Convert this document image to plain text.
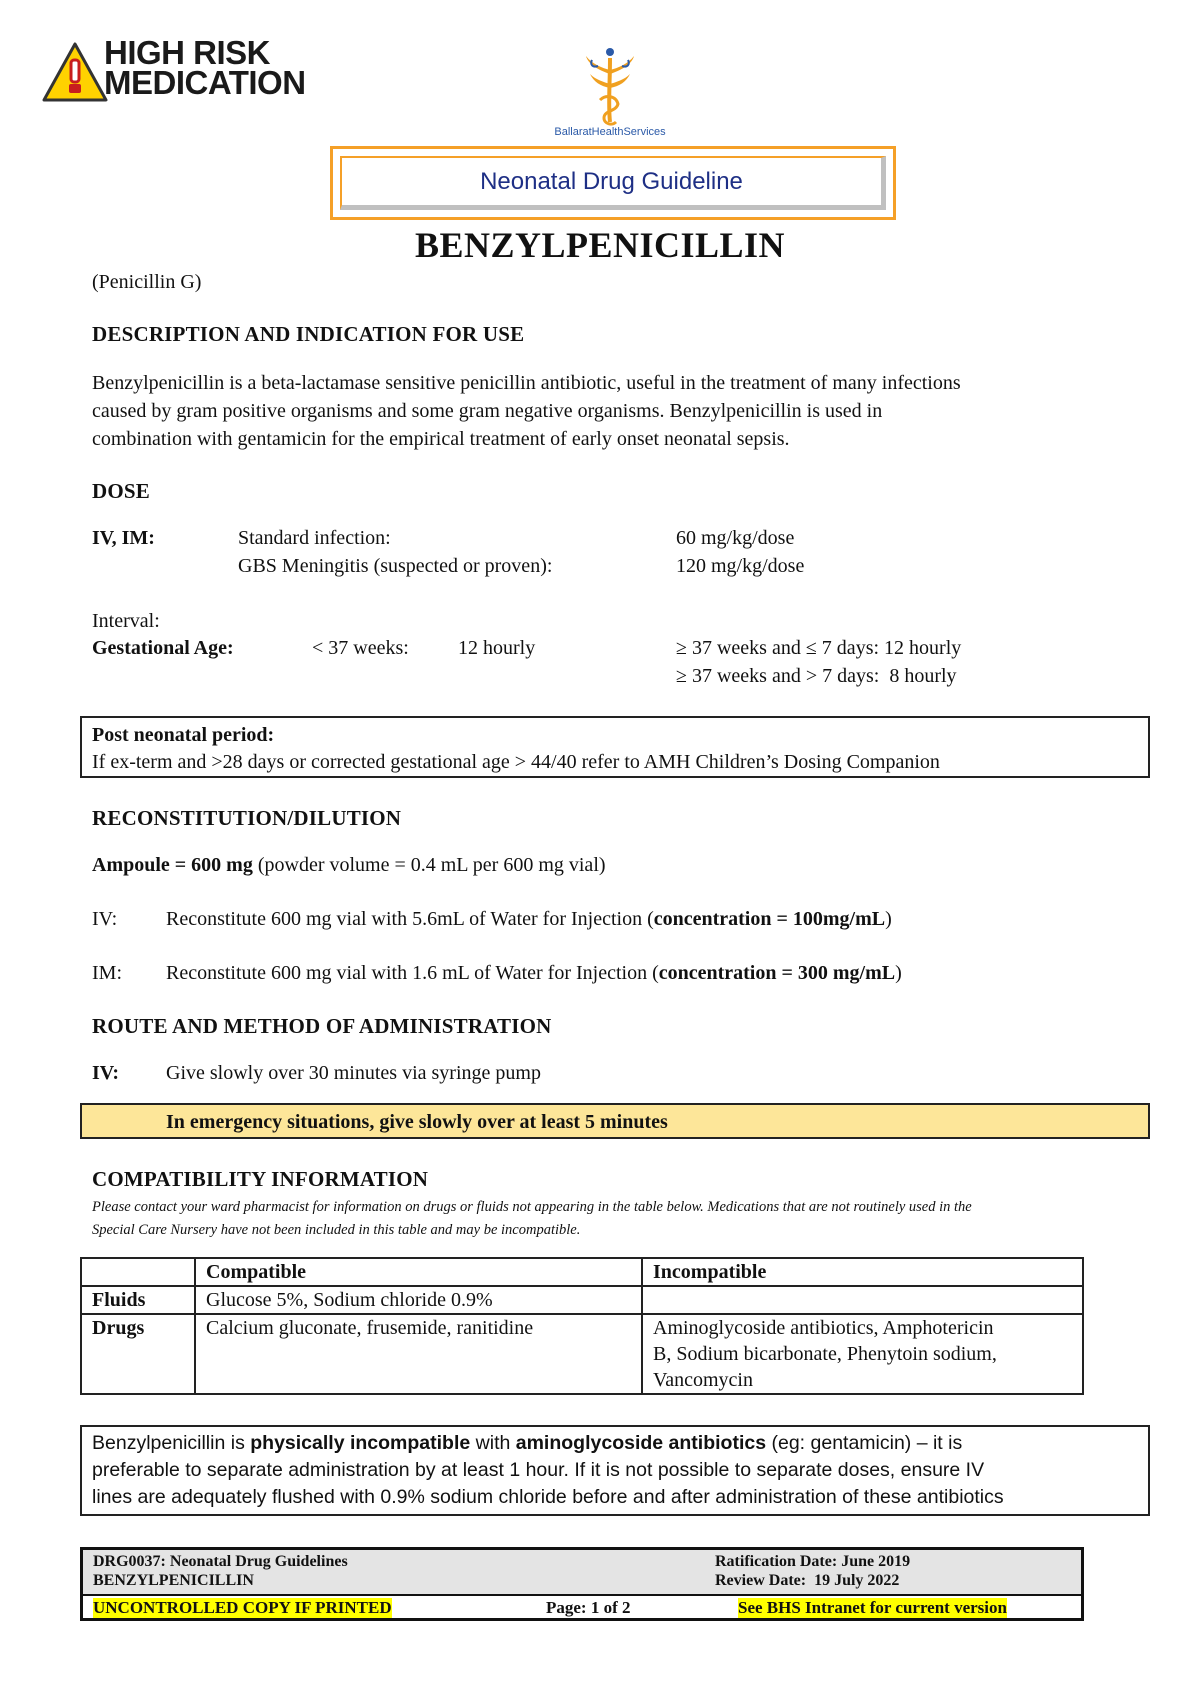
HIGH RISK
MEDICATION
BallaratHealthServices
Neonatal Drug Guideline
BENZYLPENICILLIN
(Penicillin G)
DESCRIPTION AND INDICATION FOR USE
Benzylpenicillin is a beta-lactamase sensitive penicillin antibiotic, useful in the treatment of many infections
caused by gram positive organisms and some gram negative organisms. Benzylpenicillin is used in
combination with gentamicin for the empirical treatment of early onset neonatal sepsis.
DOSE
IV, IM:	Standard infection:	60 mg/kg/dose
GBS Meningitis (suspected or proven):	120 mg/kg/dose
Interval:
Gestational Age:	< 37 weeks: 12 hourly	≥ 37 weeks and ≤ 7 days: 12 hourly
≥ 37 weeks and > 7 days:  8 hourly
Post neonatal period:
If ex-term and >28 days or corrected gestational age > 44/40 refer to AMH Children’s Dosing Companion
RECONSTITUTION/DILUTION
Ampoule = 600 mg (powder volume = 0.4 mL per 600 mg vial)
IV: Reconstitute 600 mg vial with 5.6mL of Water for Injection (concentration = 100mg/mL)
IM: Reconstitute 600 mg vial with 1.6 mL of Water for Injection (concentration = 300 mg/mL)
ROUTE AND METHOD OF ADMINISTRATION
IV: Give slowly over 30 minutes via syringe pump
In emergency situations, give slowly over at least 5 minutes
COMPATIBILITY INFORMATION
Please contact your ward pharmacist for information on drugs or fluids not appearing in the table below. Medications that are not routinely used in the
Special Care Nursery have not been included in this table and may be incompatible.
	Compatible	Incompatible
Fluids	Glucose 5%, Sodium chloride 0.9%	
Drugs	Calcium gluconate, frusemide, ranitidine	Aminoglycoside antibiotics, Amphotericin
B, Sodium bicarbonate, Phenytoin sodium,
Vancomycin
Benzylpenicillin is physically incompatible with aminoglycoside antibiotics (eg: gentamicin) – it is
preferable to separate administration by at least 1 hour. If it is not possible to separate doses, ensure IV
lines are adequately flushed with 0.9% sodium chloride before and after administration of these antibiotics
DRG0037: Neonatal Drug Guidelines
BENZYLPENICILLIN
Ratification Date: June 2019
Review Date:  19 July 2022
UNCONTROLLED COPY IF PRINTED	Page: 1 of 2	See BHS Intranet for current version
